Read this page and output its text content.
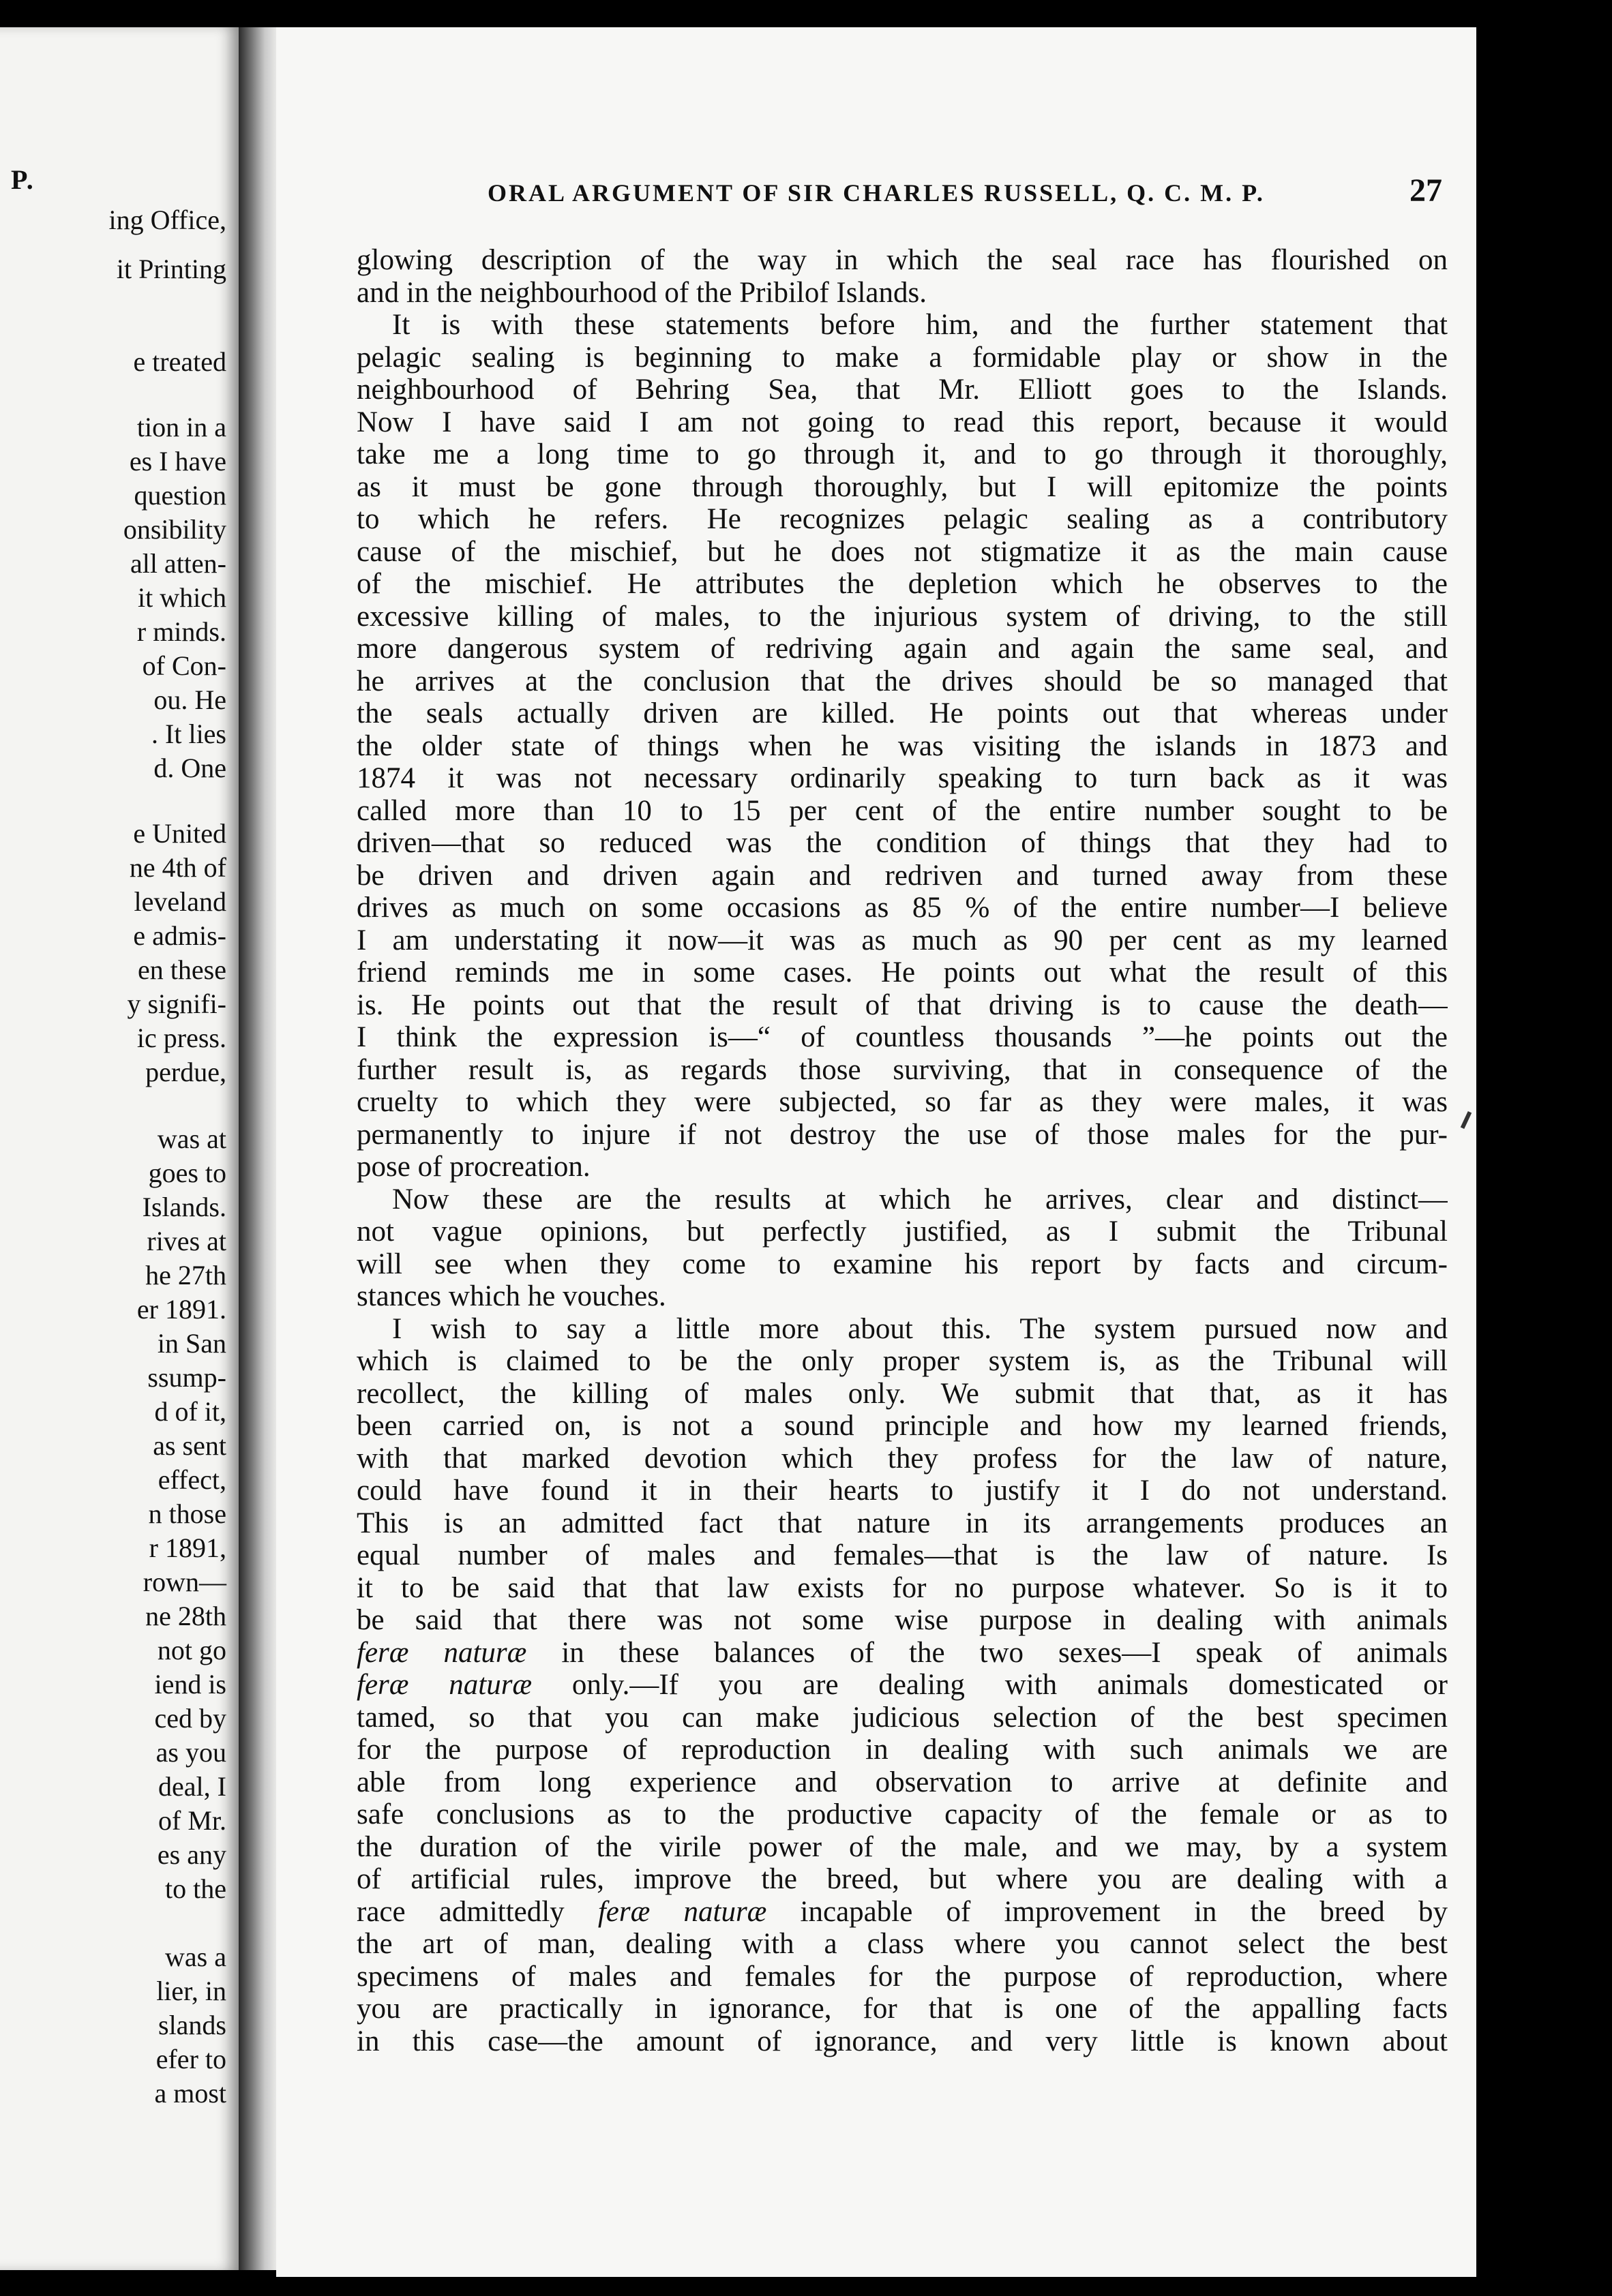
P.
ing Office,
it Printing
e treated
tion in a
es I have
question
onsibility
all atten-
it which
r minds.
of Con-
ou. He
. It lies
d. One
e United
ne 4th of
leveland
e admis-
en these
y signifi-
ic press.
perdue,
was at
goes to
Islands.
rives at
he 27th
er 1891.
in San
ssump-
d of it,
as sent
effect,
n those
r 1891,
rown—
ne 28th
not go
iend is
ced by
as you
deal, I
of Mr.
es any
to the
was a
lier, in
slands
efer to
a most
ORAL ARGUMENT OF SIR CHARLES RUSSELL, Q. C. M. P.	27
glowing description of the way in which the seal race has flourished on
and in the neighbourhood of the Pribilof Islands.
It is with these statements before him, and the further statement that
pelagic sealing is beginning to make a formidable play or show in the
neighbourhood of Behring Sea, that Mr. Elliott goes to the Islands.
Now I have said I am not going to read this report, because it would
take me a long time to go through it, and to go through it thoroughly,
as it must be gone through thoroughly, but I will epitomize the points
to which he refers. He recognizes pelagic sealing as a contributory
cause of the mischief, but he does not stigmatize it as the main cause
of the mischief. He attributes the depletion which he observes to the
excessive killing of males, to the injurious system of driving, to the still
more dangerous system of redriving again and again the same seal, and
he arrives at the conclusion that the drives should be so managed that
the seals actually driven are killed. He points out that whereas under
the older state of things when he was visiting the islands in 1873 and
1874 it was not necessary ordinarily speaking to turn back as it was
called more than 10 to 15 per cent of the entire number sought to be
driven—that so reduced was the condition of things that they had to
be driven and driven again and redriven and turned away from these
drives as much on some occasions as 85 % of the entire number—I believe
I am understating it now—it was as much as 90 per cent as my learned
friend reminds me in some cases. He points out what the result of this
is. He points out that the result of that driving is to cause the death—
I think the expression is—“ of countless thousands ”—he points out the
further result is, as regards those surviving, that in consequence of the
cruelty to which they were subjected, so far as they were males, it was
permanently to injure if not destroy the use of those males for the pur-
pose of procreation.
Now these are the results at which he arrives, clear and distinct—
not vague opinions, but perfectly justified, as I submit the Tribunal
will see when they come to examine his report by facts and circum-
stances which he vouches.
I wish to say a little more about this. The system pursued now and
which is claimed to be the only proper system is, as the Tribunal will
recollect, the killing of males only. We submit that that, as it has
been carried on, is not a sound principle and how my learned friends,
with that marked devotion which they profess for the law of nature,
could have found it in their hearts to justify it I do not understand.
This is an admitted fact that nature in its arrangements produces an
equal number of males and females—that is the law of nature. Is
it to be said that that law exists for no purpose whatever. So is it to
be said that there was not some wise purpose in dealing with animals
feræ naturæ in these balances of the two sexes—I speak of animals
feræ naturæ only.—If you are dealing with animals domesticated or
tamed, so that you can make judicious selection of the best specimen
for the purpose of reproduction in dealing with such animals we are
able from long experience and observation to arrive at definite and
safe conclusions as to the productive capacity of the female or as to
the duration of the virile power of the male, and we may, by a system
of artificial rules, improve the breed, but where you are dealing with a
race admittedly feræ naturæ incapable of improvement in the breed by
the art of man, dealing with a class where you cannot select the best
specimens of males and females for the purpose of reproduction, where
you are practically in ignorance, for that is one of the appalling facts
in this case—the amount of ignorance, and very little is known about
